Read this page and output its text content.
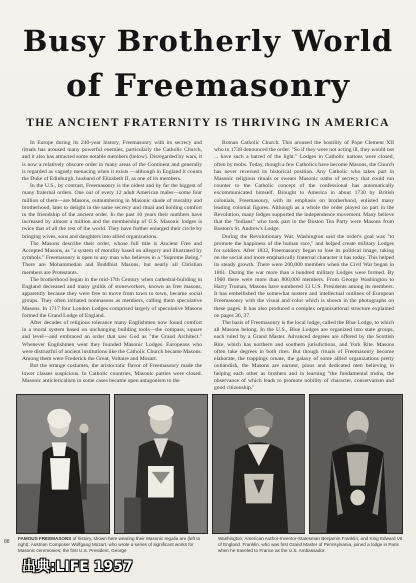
Busy Brotherly World
of Freemasonry
THE ANCIENT FRATERNITY IS THRIVING IN AMERICA

In Europe during its 240-year history, Freemasonry with its secrecy and rituals has aroused many powerful enemies, particularly the Catholic Church, and it also has attracted some notable members (below). Disregarded by wars, it is now a relatively obscure order in many areas of the Continent and generally is regarded as vaguely menacing when it exists —although in England it counts the Duke of Edinburgh, husband of Elizabeth II, as one of its members.

In the U.S., by contrast, Freemasonry is the oldest and by far the biggest of many fraternal orders. One out of every 12 adult American males—some four million of them—are Masons, outnumbering in Masonic shade of morality and brotherhood, later to delight in the same secrecy and ritual and holding comfort in the friendship of the ancient order. In the past 10 years their numbers have increased by almost a million and the membership of U.S. Masonic lodges is twice that of all the rest of the world. They have further enlarged their circle by bringing wives, sons and daughters into allied organizations.

The Masons describe their order, whose full title is Ancient Free and Accepted Masons, as "a system of morality based on allegory and illustrated by symbols." Freemasonry is open to any man who believes in a "Supreme Being." There are Mohammedan and Buddhist Masons, but nearly all Christian members are Protestants.

The brotherhood began in the mid-17th Century when cathedral-building in England decreased and many guilds of stoneworkers, known as free masons, apparently because they were free to move from town to town, became social groups. They often initiated nonmasons as members, calling them speculative Masons. In 1717 four London Lodges comprised largely of speculative Masons formed the Grand Lodge of England.

After decades of religious tolerance many Englishmen now found comfort in a moral system based on unchanging building tools—the compass, square and level—and embraced an order that saw God as "the Grand Architect." Whenever Englishmen went they founded Masonic Lodges. Europeans who were distrustful of ancient institutions like the Catholic Church became Masons. Among them were Frederick the Great, Voltaire and Mozart.

But the strange costumes, the aristocratic flavor of Freemasonry made the lower classes suspicious. In Catholic countries, Masonic parties were closed. Masonic anticlericalism in some cases became open antagonism to the

Roman Catholic Church. This aroused the hostility of Pope Clement XII who in 1738 denounced the order. "So if they were not acting ill, they would not ... have such a hatred of the light." Lodges in Catholic nations were closed, often by mobs. Today, though a few Catholics have become Masons, the Church has never reversed its historical position. Any Catholic who takes part in Masonic religious rituals or swears Masonic oaths of secrecy that could run counter to the Catholic concept of the confessional has automatically excommunicated himself. Brought to America in about 1730 by British colonials, Freemasonry, with its emphasis on brotherhood, enlisted many leading colonial figures. Although as a whole the order played no part in the Revolution, many lodges supported the independence movement. Many believe that the "Indians" who took part in the Boston Tea Party were Masons from Boston's St. Andrew's Lodge.

During the Revolutionary War, Washington said the order's goal was "to promote the happiness of the human race," and helped create military Lodges for soldiers. After 1832, Freemasonry began to lose its political image, taking on the social and more emphatically fraternal character it has today. This helped its steady growth. There were 200,000 members when the Civil War began in 1861. During the war more than a hundred military Lodges were formed. By 1900 there were more than 800,000 members. From George Washington to Harry Truman, Masons have numbered 13 U.S. Presidents among its members. It has embellished the somewhat austere and intellectual outlines of European Freemasonry with the visual and color which is shown in the photographs on these pages. It has also produced a complex organizational structure explained on pages 36, 37.

The basis of Freemasonry is the local lodge, called the Blue Lodge, to which all Masons belong. In the U.S., Blue Lodges are organized into state groups, each ruled by a Grand Master. Advanced degrees are offered by the Scottish Rite, which has northern and southern jurisdictions, and York Rite. Masons often take degrees in both rites. But though rituals of Freemasonry become elaborate, the trappings ornate, the galaxy of some allied organizations pretty outlandish, the Masons are earnest, pious and dedicated men believing in helping each other as brothers and in learning "the fundamental truths, the observance of which leads to promote nobility of character, conservatism and good citizenship."

88
FAMOUS FREEMASONS of history, shown here wearing their Masonic regalia are (left to right): Austrian Composer Wolfgang Mozart, who wrote a series of significant works for Masonic ceremonies; the first U.S. President, George
Washington; American Author-Inventor-Statesman Benjamin Franklin; and King Edward VII of England. Franklin, who was first Grand Master of Pennsylvania, joined a lodge in Paris when he traveled to France as the U.S. Ambassador.
出典:LIFE 1957
